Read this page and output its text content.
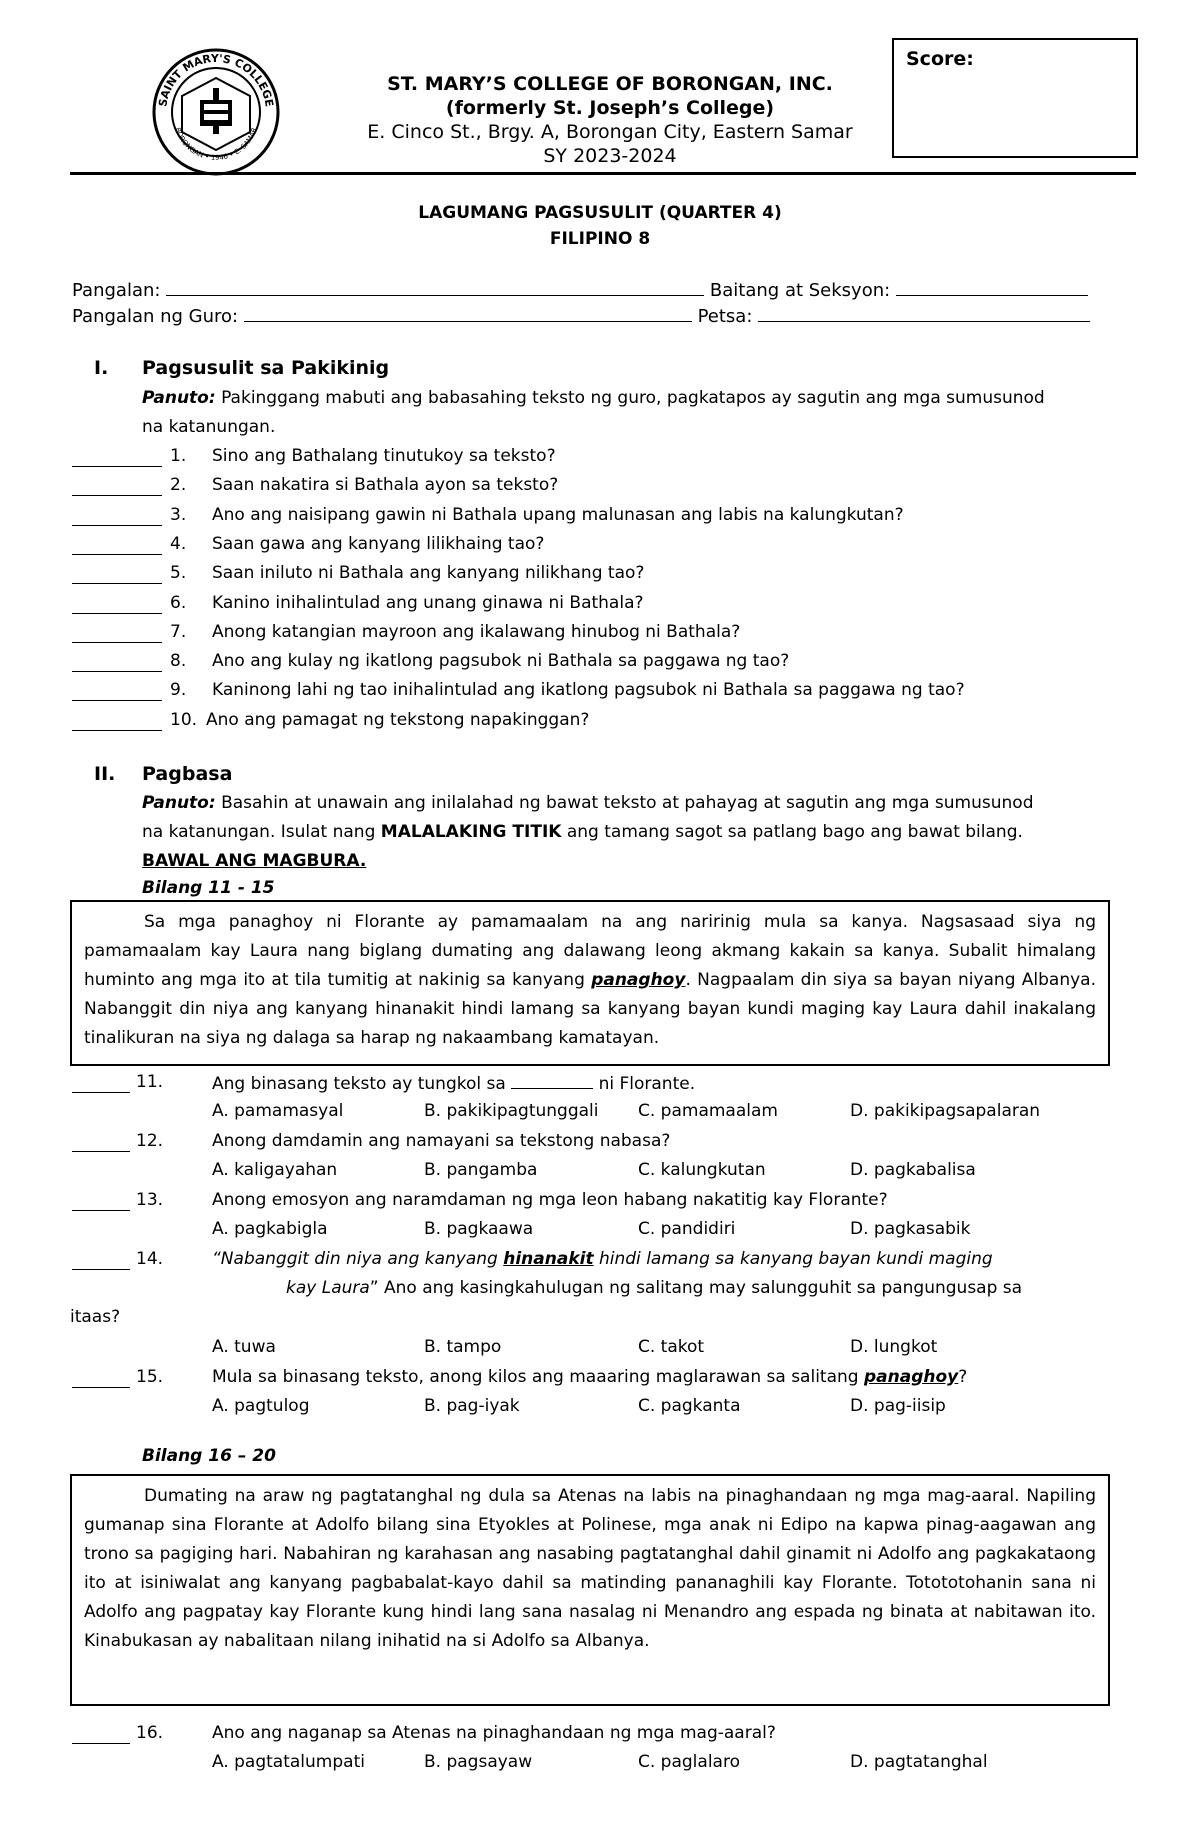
SAINT MARY'S COLLEGE
BORONGAN • 1946 • E. SAMAR
ST. MARY’S COLLEGE OF BORONGAN, INC.
(formerly St. Joseph’s College)
E. Cinco St., Brgy. A, Borongan City, Eastern Samar
SY 2023-2024
Score:
LAGUMANG PAGSUSULIT (QUARTER 4)
FILIPINO 8
Pangalan:	Baitang at Seksyon:
Pangalan ng Guro:	Petsa:
I. Pagsusulit sa Pakikinig
Panuto: Pakinggang mabuti ang babasahing teksto ng guro, pagkatapos ay sagutin ang mga sumusunod
na katanungan.
1. Sino ang Bathalang tinutukoy sa teksto?
2. Saan nakatira si Bathala ayon sa teksto?
3. Ano ang naisipang gawin ni Bathala upang malunasan ang labis na kalungkutan?
4. Saan gawa ang kanyang lilikhaing tao?
5. Saan iniluto ni Bathala ang kanyang nilikhang tao?
6. Kanino inihalintulad ang unang ginawa ni Bathala?
7. Anong katangian mayroon ang ikalawang hinubog ni Bathala?
8. Ano ang kulay ng ikatlong pagsubok ni Bathala sa paggawa ng tao?
9. Kaninong lahi ng tao inihalintulad ang ikatlong pagsubok ni Bathala sa paggawa ng tao?
10. Ano ang pamagat ng tekstong napakinggan?
II. Pagbasa
Panuto: Basahin at unawain ang inilalahad ng bawat teksto at pahayag at sagutin ang mga sumusunod
na katanungan. Isulat nang MALALAKING TITIK ang tamang sagot sa patlang bago ang bawat bilang.
BAWAL ANG MAGBURA.
Bilang 11 - 15
Sa mga panaghoy ni Florante ay pamamaalam na ang naririnig mula sa kanya. Nagsasaad siya ng pamamaalam kay Laura nang biglang dumating ang dalawang leong akmang kakain sa kanya. Subalit himalang huminto ang mga ito at tila tumitig at nakinig sa kanyang panaghoy. Nagpaalam din siya sa bayan niyang Albanya. Nabanggit din niya ang kanyang hinanakit hindi lamang sa kanyang bayan kundi maging kay Laura dahil inakalang tinalikuran na siya ng dalaga sa harap ng nakaambang kamatayan.
11.	Ang binasang teksto ay tungkol sa	ni Florante.
A. pamamasyal	B. pakikipagtunggali C. pamamaalam	D. pakikipagsapalaran
12.	Anong damdamin ang namayani sa tekstong nabasa?
A. kaligayahan	B. pangamba	C. kalungkutan	D. pagkabalisa
13.	Anong emosyon ang naramdaman ng mga leon habang nakatitig kay Florante?
A. pagkabigla	B. pagkaawa	C. pandidiri	D. pagkasabik
14.	“Nabanggit din niya ang kanyang hinanakit hindi lamang sa kanyang bayan kundi maging
kay Laura” Ano ang kasingkahulugan ng salitang may salungguhit sa pangungusap sa
itaas?
A. tuwa	B. tampo	C. takot	D. lungkot
15.	Mula sa binasang teksto, anong kilos ang maaaring maglarawan sa salitang panaghoy?
A. pagtulog	B. pag-iyak	C. pagkanta	D. pag-iisip
Bilang 16 – 20
Dumating na araw ng pagtatanghal ng dula sa Atenas na labis na pinaghandaan ng mga mag-aaral. Napiling gumanap sina Florante at Adolfo bilang sina Etyokles at Polinese, mga anak ni Edipo na kapwa pinag-aagawan ang trono sa pagiging hari. Nabahiran ng karahasan ang nasabing pagtatanghal dahil ginamit ni Adolfo ang pagkakataong ito at isiniwalat ang kanyang pagbabalat-kayo dahil sa matinding pananaghili kay Florante. Totototohanin sana ni Adolfo ang pagpatay kay Florante kung hindi lang sana nasalag ni Menandro ang espada ng binata at nabitawan ito. Kinabukasan ay nabalitaan nilang inihatid na si Adolfo sa Albanya.
16.	Ano ang naganap sa Atenas na pinaghandaan ng mga mag-aaral?
A. pagtatalumpati	B. pagsayaw	C. paglalaro	D. pagtatanghal
